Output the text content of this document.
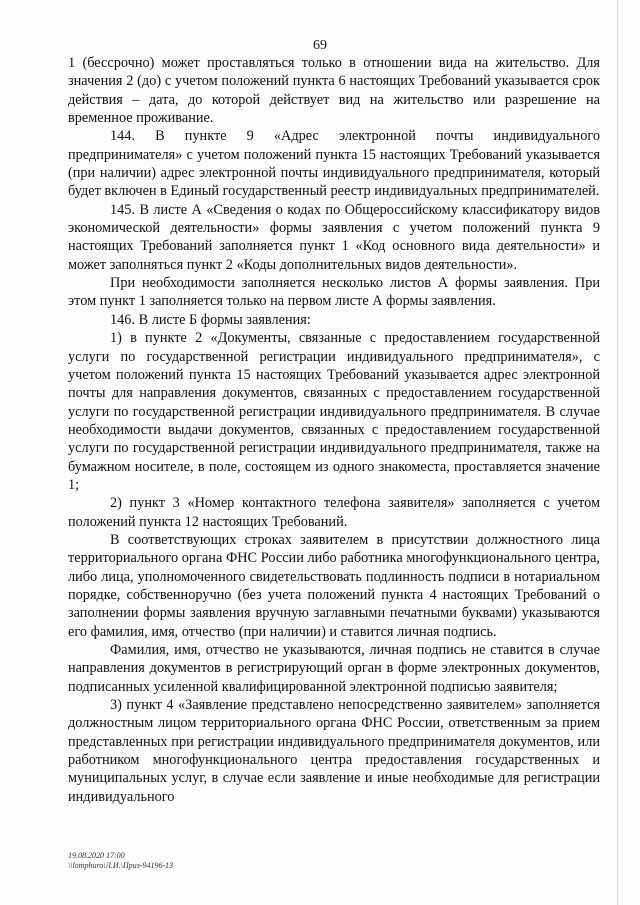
69

1 (бессрочно) может проставляться только в отношении вида на жительство. Для значения 2 (до) с учетом положений пункта 6 настоящих Требований указывается срок действия – дата, до которой действует вид на жительство или разрешение на временное проживание.

144. В пункте 9 «Адрес электронной почты индивидуального предпринимателя» с учетом положений пункта 15 настоящих Требований указывается (при наличии) адрес электронной почты индивидуального предпринимателя, который будет включен в Единый государственный реестр индивидуальных предпринимателей.

145. В листе А «Сведения о кодах по Общероссийскому классификатору видов экономической деятельности» формы заявления с учетом положений пункта 9 настоящих Требований заполняется пункт 1 «Код основного вида деятельности» и может заполняться пункт 2 «Коды дополнительных видов деятельности».

При необходимости заполняется несколько листов А формы заявления. При этом пункт 1 заполняется только на первом листе А формы заявления.

146. В листе Б формы заявления:

1) в пункте 2 «Документы, связанные с предоставлением государственной услуги по государственной регистрации индивидуального предпринимателя», с учетом положений пункта 15 настоящих Требований указывается адрес электронной почты для направления документов, связанных с предоставлением государственной услуги по государственной регистрации индивидуального предпринимателя. В случае необходимости выдачи документов, связанных с предоставлением государственной услуги по государственной регистрации индивидуального предпринимателя, также на бумажном носителе, в поле, состоящем из одного знакоместа, проставляется значение 1;

2) пункт 3 «Номер контактного телефона заявителя» заполняется с учетом положений пункта 12 настоящих Требований.

В соответствующих строках заявителем в присутствии должностного лица территориального органа ФНС России либо работника многофункционального центра, либо лица, уполномоченного свидетельствовать подлинность подписи в нотариальном порядке, собственноручно (без учета положений пункта 4 настоящих Требований о заполнении формы заявления вручную заглавными печатными буквами) указываются его фамилия, имя, отчество (при наличии) и ставится личная подпись.

Фамилия, имя, отчество не указываются, личная подпись не ставится в случае направления документов в регистрирующий орган в форме электронных документов, подписанных усиленной квалифицированной электронной подписью заявителя;

3) пункт 4 «Заявление представлено непосредственно заявителем» заполняется должностным лицом территориального органа ФНС России, ответственным за прием представленных при регистрации индивидуального предпринимателя документов, или работником многофункционального центра предоставления государственных и муниципальных услуг, в случае если заявление и иные необходимые для регистрации индивидуального

19.08.2020 17:00
\\lomphuro\Л.И.\Приз-94196-13
